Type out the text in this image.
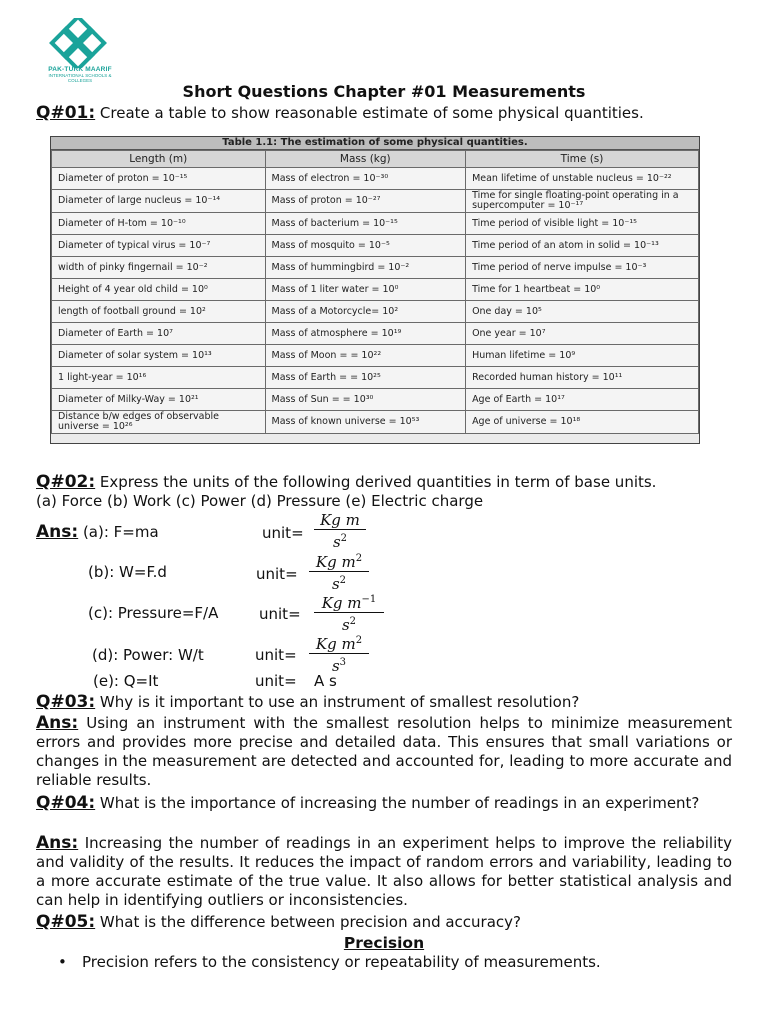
PAK-TURK MAARIF
INTERNATIONAL SCHOOLS & COLLEGES
Short Questions Chapter #01 Measurements
Q#01: Create a table to show reasonable estimate of some physical quantities.
Table 1.1: The estimation of some physical quantities.
Length (m)	Mass (kg)	Time (s)
Diameter of proton = 10⁻¹⁵	Mass of electron = 10⁻³⁰	Mean lifetime of unstable nucleus = 10⁻²²
Diameter of large nucleus = 10⁻¹⁴	Mass of proton = 10⁻²⁷	Time for single floating-point operating in a supercomputer = 10⁻¹⁷
Diameter of H-tom = 10⁻¹⁰	Mass of bacterium = 10⁻¹⁵	Time period of visible light = 10⁻¹⁵
Diameter of typical virus = 10⁻⁷	Mass of mosquito = 10⁻⁵	Time period of an atom in solid = 10⁻¹³
width of pinky fingernail = 10⁻²	Mass of hummingbird = 10⁻²	Time period of nerve impulse = 10⁻³
Height of 4 year old child = 10⁰	Mass of 1 liter water = 10⁰	Time for 1 heartbeat = 10⁰
length of football ground = 10²	Mass of a Motorcycle= 10²	One day = 10⁵
Diameter of Earth = 10⁷	Mass of atmosphere = 10¹⁹	One year = 10⁷
Diameter of solar system = 10¹³	Mass of Moon = = 10²²	Human lifetime = 10⁹
1 light-year = 10¹⁶	Mass of Earth = = 10²⁵	Recorded human history = 10¹¹
Diameter of Milky-Way = 10²¹	Mass of Sun = = 10³⁰	Age of Earth = 10¹⁷
Distance b/w edges of observable universe = 10²⁶	Mass of known universe = 10⁵³	Age of universe = 10¹⁸
Q#02: Express the units of the following derived quantities in term of base units.
(a) Force (b) Work (c) Power (d) Pressure (e) Electric charge
Ans: (a): F=ma	unit=
Kg m
$s^2$
(b): W=F.d	unit=
Kg $m^2$
$s^2$
(c): Pressure=F/A	unit=
Kg $m^{-1}$
$s^2$
(d): Power: W/t	unit=
Kg $m^2$
$s^3$
(e): Q=It	unit= A s
Q#03: Why is it important to use an instrument of smallest resolution?
Ans: Using an instrument with the smallest resolution helps to minimize measurement errors and provides more precise and detailed data. This ensures that small variations or changes in the measurement are detected and accounted for, leading to more accurate and reliable results.
Q#04: What is the importance of increasing the number of readings in an experiment?
Ans: Increasing the number of readings in an experiment helps to improve the reliability and validity of the results. It reduces the impact of random errors and variability, leading to a more accurate estimate of the true value. It also allows for better statistical analysis and can help in identifying outliers or inconsistencies.
Q#05: What is the difference between precision and accuracy?
Precision
• Precision refers to the consistency or repeatability of measurements.
